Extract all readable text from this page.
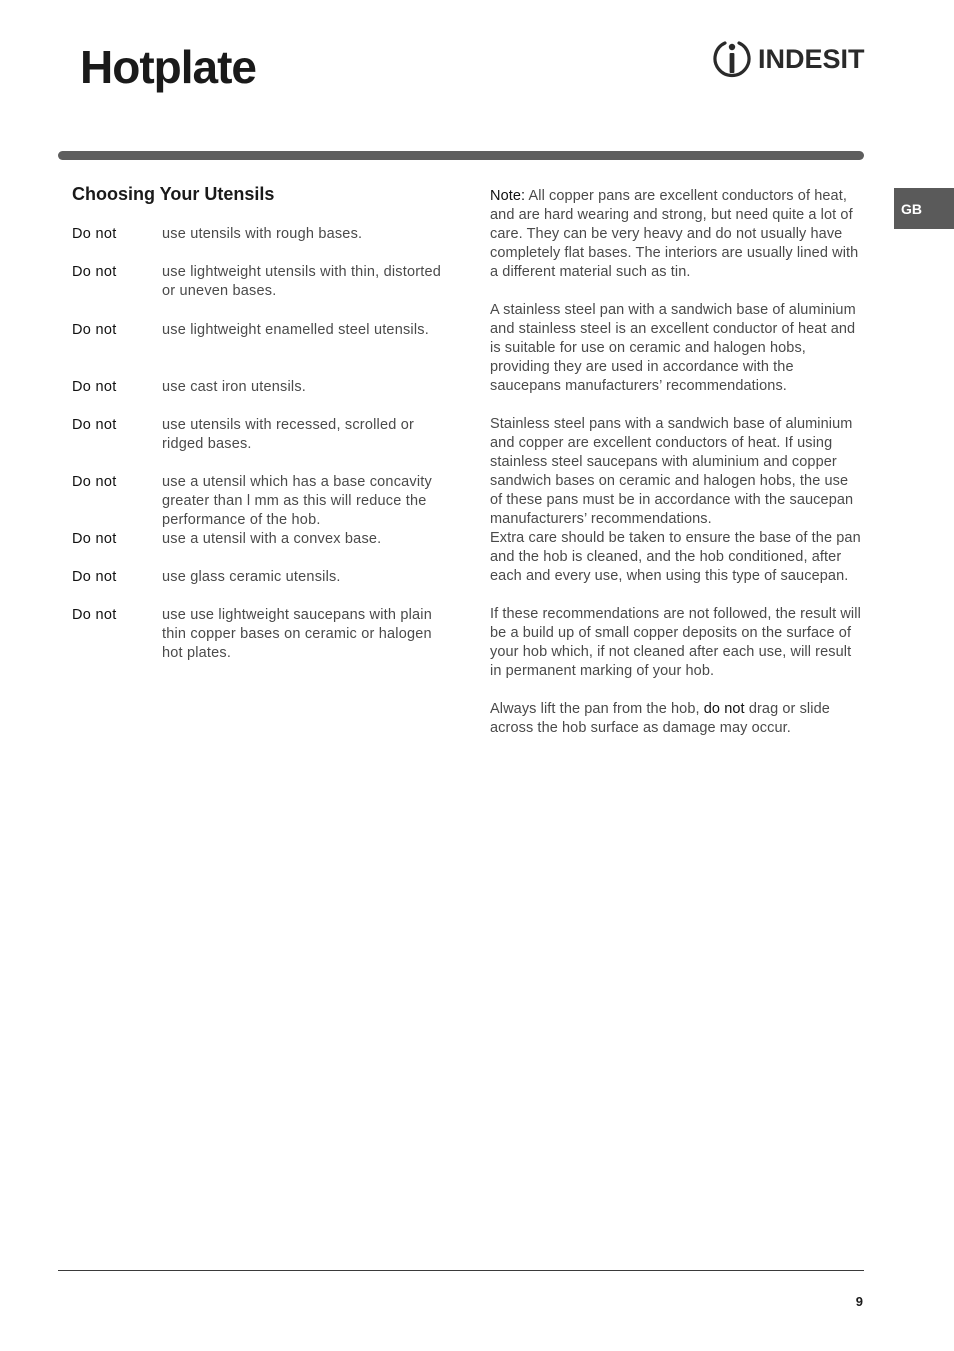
Hotplate	INDESIT
GB
Choosing Your Utensils
Do not	use utensils with rough bases.
Do not	use lightweight utensils with thin, distorted or uneven bases.
Do not	use lightweight enamelled steel utensils.
Do not	use cast iron utensils.
Do not	use utensils with recessed, scrolled or ridged bases.
Do not	use a utensil which has a base concavity greater than l mm as this will reduce the performance of the hob.
Do not	use a utensil with a convex base.
Do not	use glass ceramic utensils.
Do not	use use lightweight saucepans with plain thin copper bases on ceramic or halogen hot plates.

Note: All copper pans are excellent conductors of heat, and are hard wearing and strong, but need quite a lot of care. They can be very heavy and do not usually have completely flat bases. The interiors are usually lined with a different material such as tin.

A stainless steel pan with a sandwich base of aluminium and stainless steel is an excellent conductor of heat and is suitable for use on ceramic and halogen hobs, providing they are used in accordance with the saucepans manufacturers’ recommendations.

Stainless steel pans with a sandwich base of aluminium and copper are excellent conductors of heat. If using stainless steel saucepans with aluminium and copper sandwich bases on ceramic and halogen hobs, the use of these pans must be in accordance with the saucepan manufacturers’ recommendations.

Extra care should be taken to ensure the base of the pan and the hob is cleaned, and the hob conditioned, after each and every use, when using this type of saucepan.

If these recommendations are not followed, the result will be a build up of small copper deposits on the surface of your hob which, if not cleaned after each use, will result in permanent marking of your hob.

Always lift the pan from the hob, do not drag or slide across the hob surface as damage may occur.

9
